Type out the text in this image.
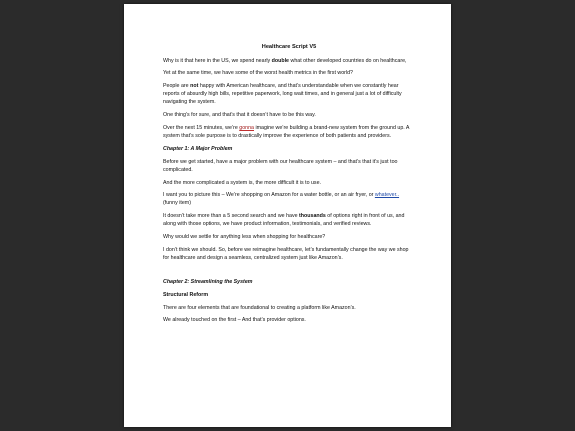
Healthcare Script V5

Why is it that here in the US, we spend nearly double what other developed countries do on healthcare,

Yet at the same time, we have some of the worst health metrics in the first world?

People are not happy with American healthcare, and that’s understandable when we constantly hear reports of absurdly high bills, repetitive paperwork, long wait times, and in general just a lot of difficulty navigating the system.

One thing’s for sure, and that’s that it doesn’t have to be this way.

Over the next 15 minutes, we’re gonna imagine we’re building a brand-new system from the ground up. A system that’s sole purpose is to drastically improve the experience of both patients and providers.

Chapter 1: A Major Problem

Before we get started, have a major problem with our healthcare system – and that’s that it’s just too complicated.

And the more complicated a system is, the more difficult it is to use.

I want you to picture this – We’re shopping on Amazon for a water bottle, or an air fryer, or whatever.. (funny item)

It doesn’t take more than a 5 second search and we have thousands of options right in front of us, and along with those options, we have product information, testimonials, and verified reviews.

Why would we settle for anything less when shopping for healthcare?

I don’t think we should. So, before we reimagine healthcare, let’s fundamentally change the way we shop for healthcare and design a seamless, centralized system just like Amazon’s.

Chapter 2: Streamlining the System
Structural Reform

There are four elements that are foundational to creating a platform like Amazon’s.

We already touched on the first – And that’s provider options.
